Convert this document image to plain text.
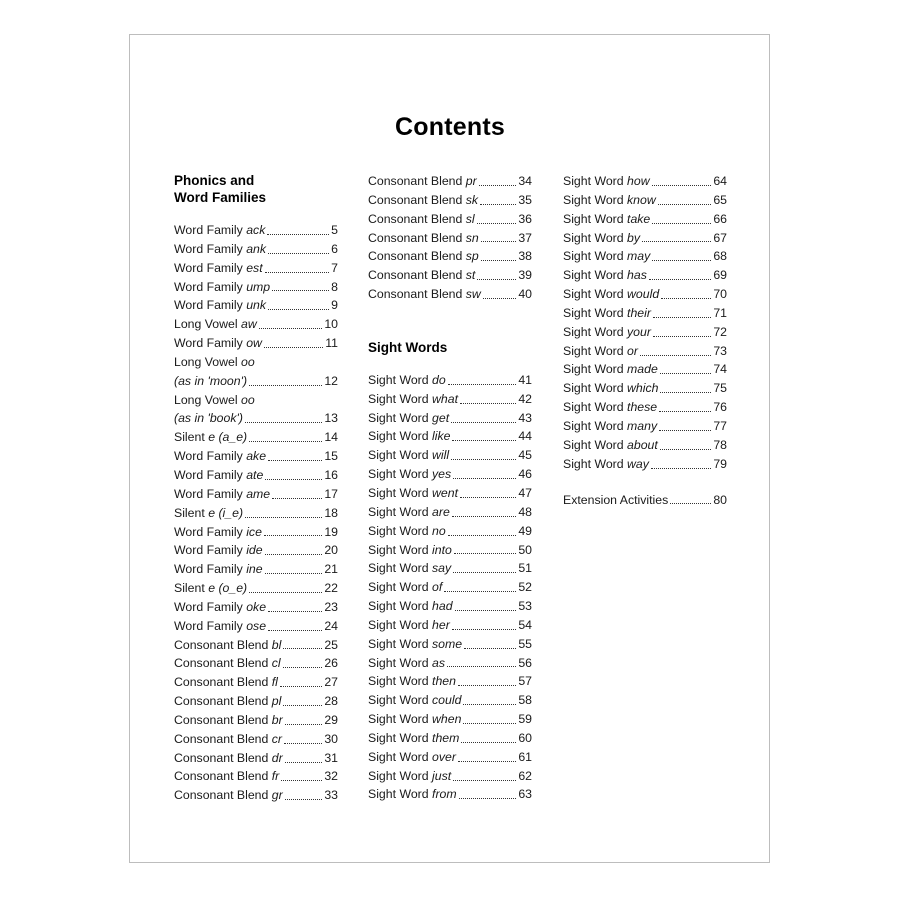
Contents
Phonics and
Word Families
Word Family ack	5
Word Family ank	6
Word Family est	7
Word Family ump	8
Word Family unk	9
Long Vowel aw	10
Word Family ow	11
Long Vowel oo
(as in 'moon')	12
Long Vowel oo
(as in 'book')	13
Silent e (a_e)	14
Word Family ake	15
Word Family ate	16
Word Family ame	17
Silent e (i_e)	18
Word Family ice	19
Word Family ide	20
Word Family ine	21
Silent e (o_e)	22
Word Family oke	23
Word Family ose	24
Consonant Blend bl	25
Consonant Blend cl	26
Consonant Blend fl	27
Consonant Blend pl	28
Consonant Blend br	29
Consonant Blend cr	30
Consonant Blend dr	31
Consonant Blend fr	32
Consonant Blend gr	33
Consonant Blend pr	34
Consonant Blend sk	35
Consonant Blend sl	36
Consonant Blend sn	37
Consonant Blend sp	38
Consonant Blend st	39
Consonant Blend sw	40
Sight Words
Sight Word do	41
Sight Word what	42
Sight Word get	43
Sight Word like	44
Sight Word will	45
Sight Word yes	46
Sight Word went	47
Sight Word are	48
Sight Word no	49
Sight Word into	50
Sight Word say	51
Sight Word of	52
Sight Word had	53
Sight Word her	54
Sight Word some	55
Sight Word as	56
Sight Word then	57
Sight Word could	58
Sight Word when	59
Sight Word them	60
Sight Word over	61
Sight Word just	62
Sight Word from	63
Sight Word how	64
Sight Word know	65
Sight Word take	66
Sight Word by	67
Sight Word may	68
Sight Word has	69
Sight Word would	70
Sight Word their	71
Sight Word your	72
Sight Word or	73
Sight Word made	74
Sight Word which	75
Sight Word these	76
Sight Word many	77
Sight Word about	78
Sight Word way	79
Extension Activities	80
